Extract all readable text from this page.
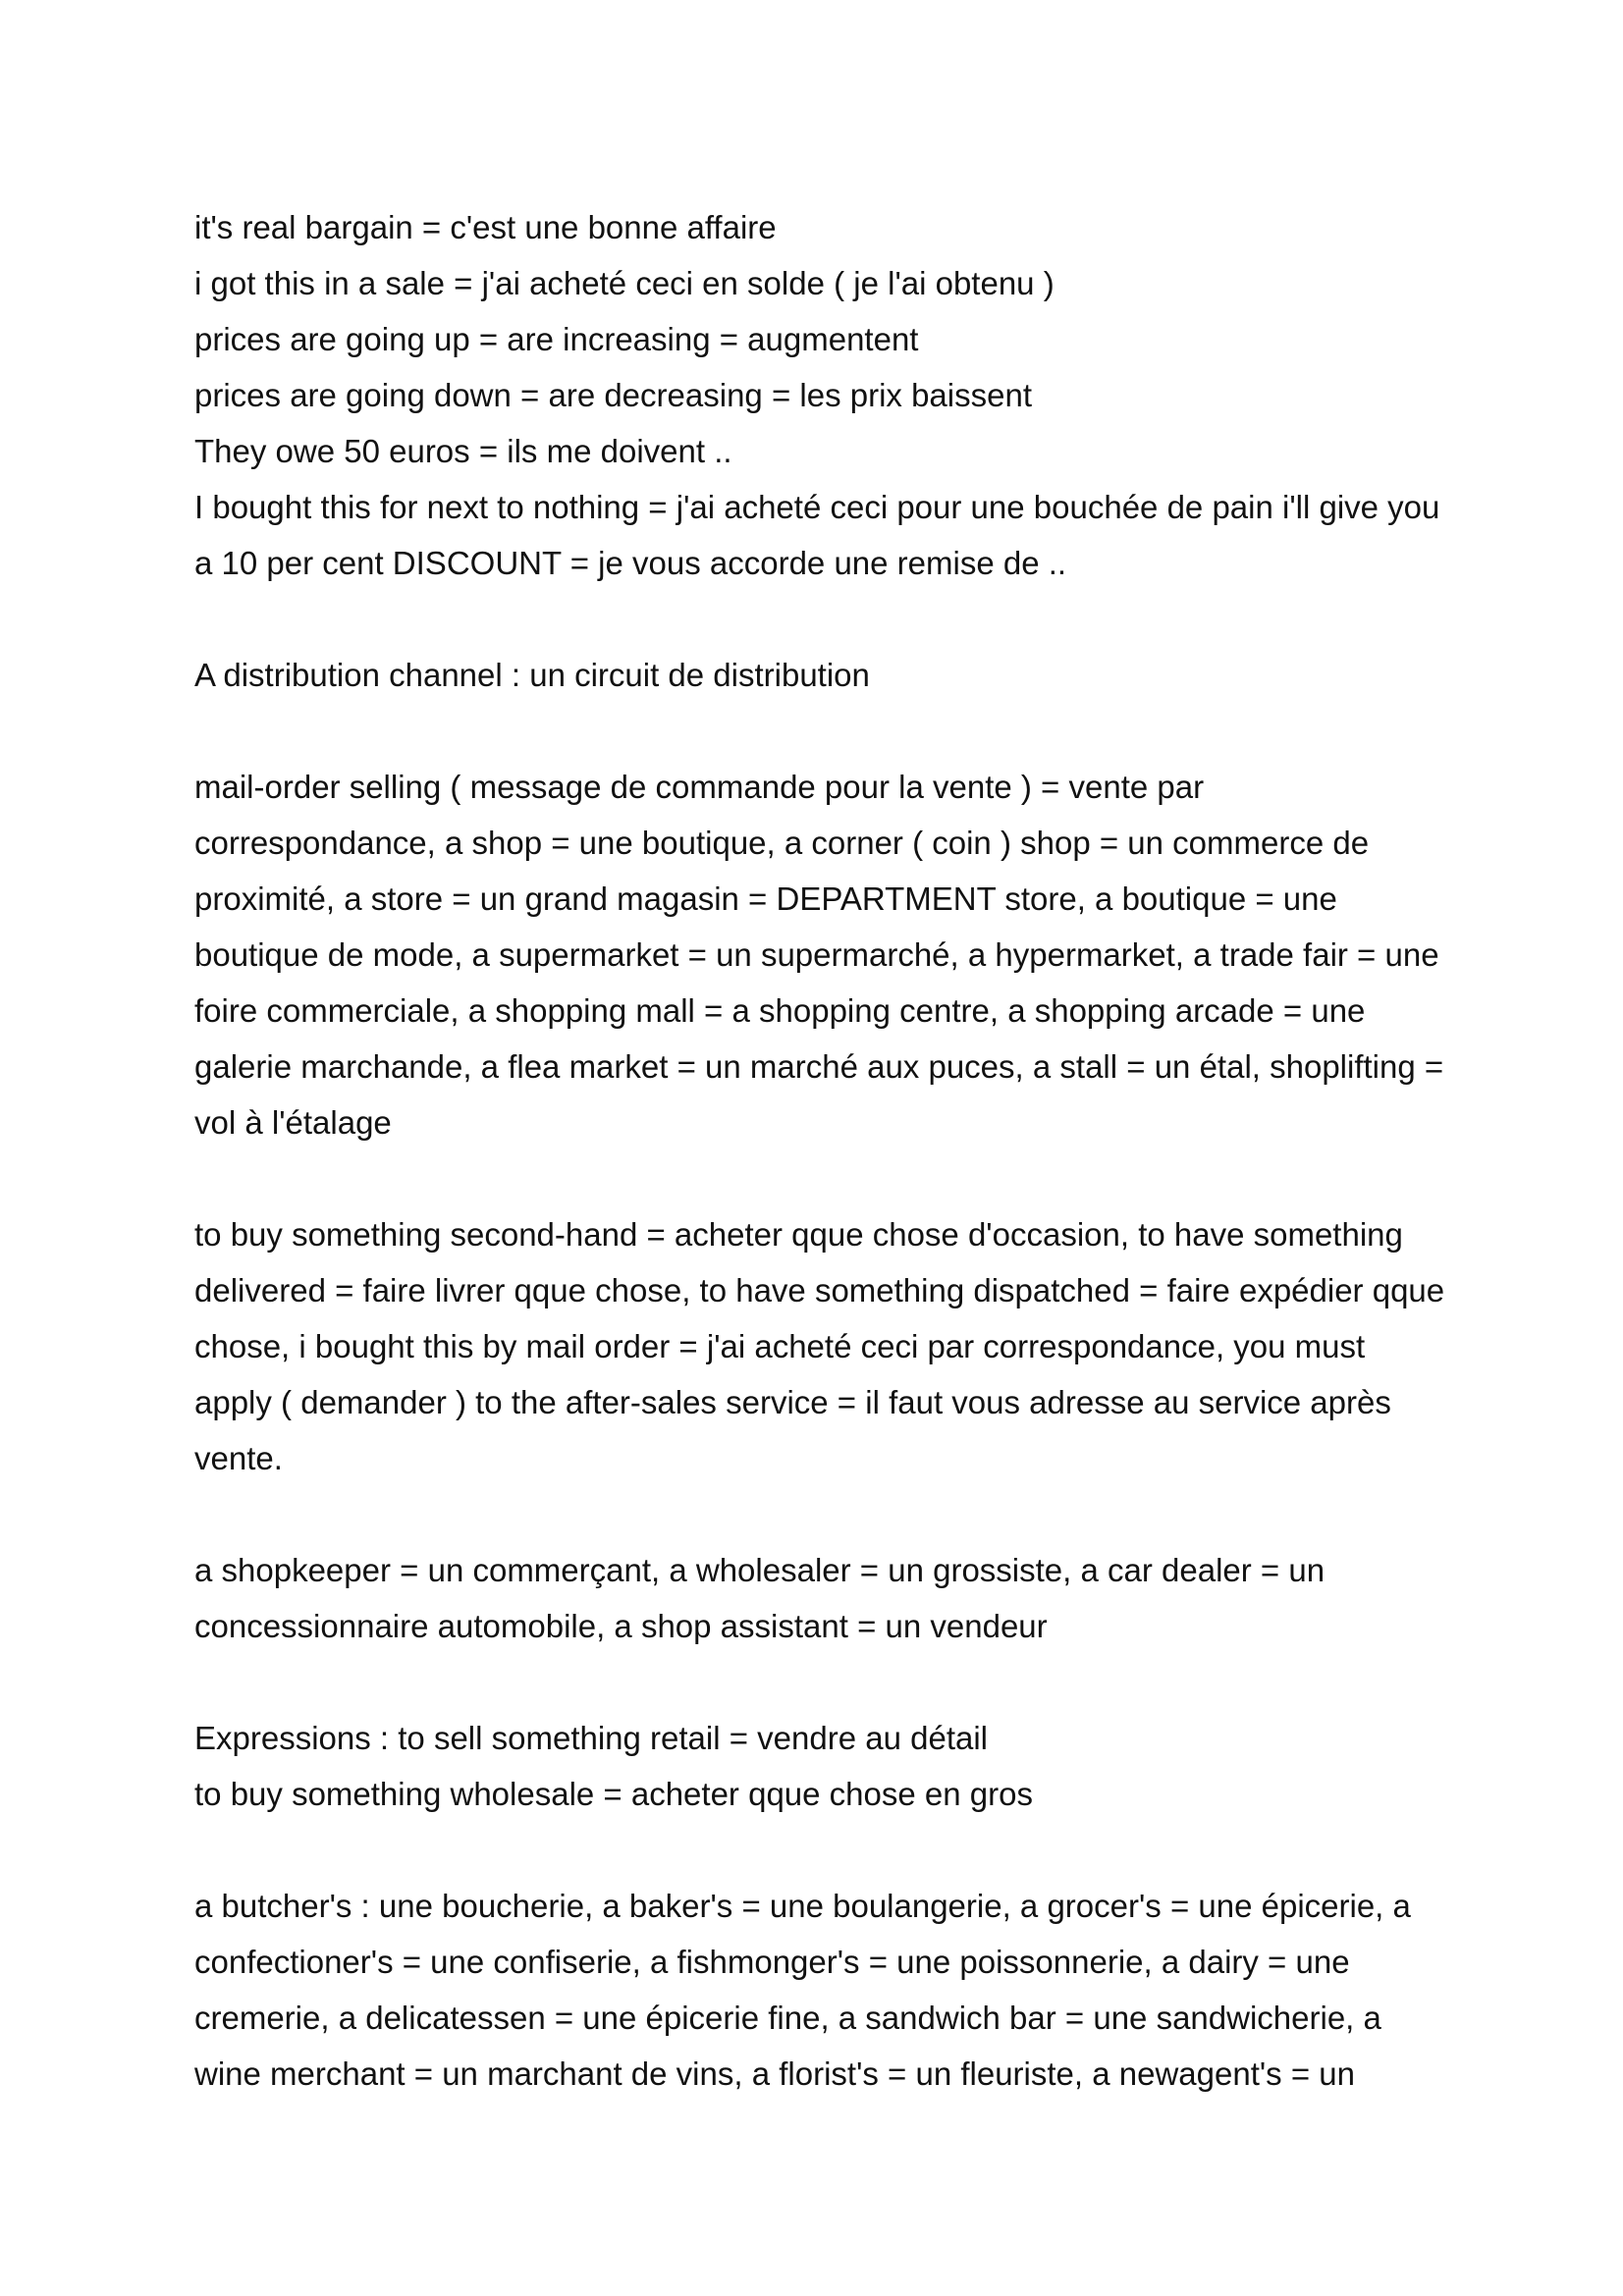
it's real bargain = c'est une bonne affaire
i got this in a sale = j'ai acheté ceci en solde ( je l'ai obtenu )
prices are going up = are increasing = augmentent
prices are going down = are decreasing = les prix baissent
They owe 50 euros = ils me doivent ..
I bought this for next to nothing = j'ai acheté ceci pour une bouchée de pain i'll give you
a 10 per cent DISCOUNT = je vous accorde une remise de ..
A distribution channel : un circuit de distribution
mail-order selling ( message de commande pour la vente ) = vente par
correspondance, a shop = une boutique, a corner ( coin ) shop = un commerce de
proximité, a store = un grand magasin = DEPARTMENT store, a boutique = une
boutique de mode, a supermarket = un supermarché, a hypermarket, a trade fair = une
foire commerciale, a shopping mall = a shopping centre, a shopping arcade = une
galerie marchande, a flea market = un marché aux puces, a stall = un étal, shoplifting =
vol à l'étalage
to buy something second-hand = acheter qque chose d'occasion, to have something
delivered = faire livrer qque chose, to have something dispatched = faire expédier qque
chose, i bought this by mail order = j'ai acheté ceci par correspondance, you must
apply ( demander ) to the after-sales service = il faut vous adresse au service après
vente.
a shopkeeper = un commerçant, a wholesaler = un grossiste, a car dealer = un
concessionnaire automobile, a shop assistant = un vendeur
Expressions : to sell something retail = vendre au détail
to buy something wholesale = acheter qque chose en gros
a butcher's : une boucherie, a baker's = une boulangerie, a grocer's = une épicerie, a
confectioner's = une confiserie, a fishmonger's = une poissonnerie, a dairy = une
cremerie, a delicatessen = une épicerie fine, a sandwich bar = une sandwicherie, a
wine merchant = un marchant de vins, a florist's = un fleuriste, a newagent's = un
